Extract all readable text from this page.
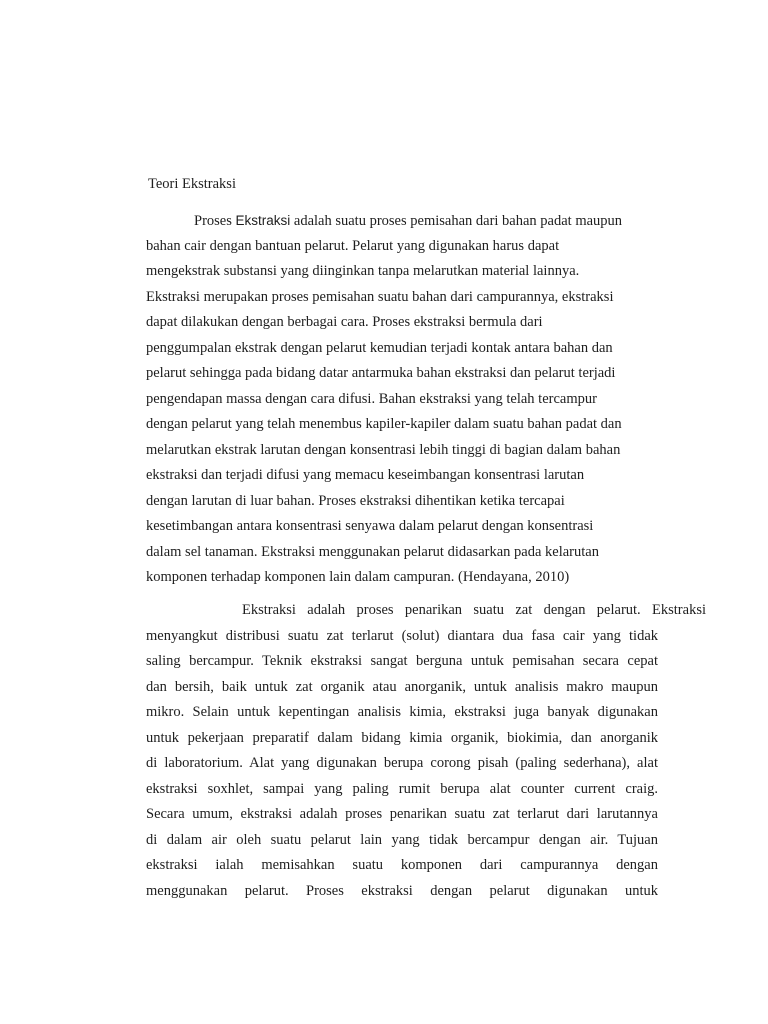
Teori Ekstraksi
Proses Ekstraksi adalah suatu proses pemisahan dari bahan padat maupun
bahan cair dengan bantuan pelarut. Pelarut yang digunakan harus dapat
mengekstrak substansi yang diinginkan tanpa melarutkan material lainnya.
Ekstraksi merupakan proses pemisahan suatu bahan dari campurannya, ekstraksi
dapat dilakukan dengan berbagai cara. Proses ekstraksi bermula dari
penggumpalan ekstrak dengan pelarut kemudian terjadi kontak antara bahan dan
pelarut sehingga pada bidang datar antarmuka bahan ekstraksi dan pelarut terjadi
pengendapan massa dengan cara difusi. Bahan ekstraksi yang telah tercampur
dengan pelarut yang telah menembus kapiler-kapiler dalam suatu bahan padat dan
melarutkan ekstrak larutan dengan konsentrasi lebih tinggi di bagian dalam bahan
ekstraksi dan terjadi difusi yang memacu keseimbangan konsentrasi larutan
dengan larutan di luar bahan. Proses ekstraksi dihentikan ketika tercapai
kesetimbangan antara konsentrasi senyawa dalam pelarut dengan konsentrasi
dalam sel tanaman. Ekstraksi menggunakan pelarut didasarkan pada kelarutan
komponen terhadap komponen lain dalam campuran. (Hendayana, 2010)
Ekstraksi adalah proses penarikan suatu zat dengan pelarut. Ekstraksi
menyangkut distribusi suatu zat terlarut (solut) diantara dua fasa cair yang tidak
saling bercampur. Teknik ekstraksi sangat berguna untuk pemisahan secara cepat
dan bersih, baik untuk zat organik atau anorganik, untuk analisis makro maupun
mikro. Selain untuk kepentingan analisis kimia, ekstraksi juga banyak digunakan
untuk pekerjaan preparatif dalam bidang kimia organik, biokimia, dan anorganik
di laboratorium. Alat yang digunakan berupa corong pisah (paling sederhana), alat
ekstraksi soxhlet, sampai yang paling rumit berupa alat counter current craig.
Secara umum, ekstraksi adalah proses penarikan suatu zat terlarut dari larutannya
di dalam air oleh suatu pelarut lain yang tidak bercampur dengan air. Tujuan
ekstraksi ialah memisahkan suatu komponen dari campurannya dengan
menggunakan pelarut. Proses ekstraksi dengan pelarut digunakan untuk
